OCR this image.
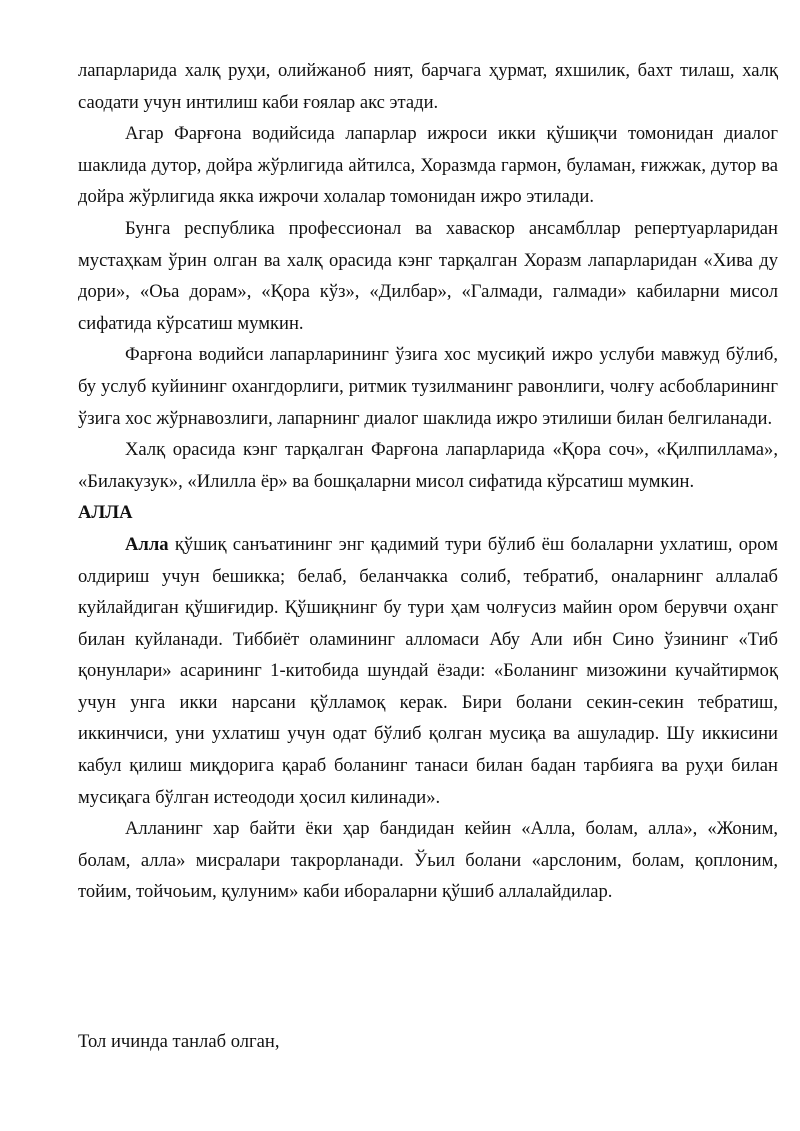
лапарларида халқ руҳи, олийжаноб ният, барчага ҳурмат, яхшилик, бахт тилаш, халқ саодати учун интилиш каби ғоялар акс этади.

Агар Фарғона водийсида лапарлар ижроси икки қўшиқчи томонидан диалог шаклида дутор, дойра жўрлигида айтилса, Хоразмда гармон, буламан, ғижжак, дутор ва дойра жўрлигида якка ижрочи холалар томонидан ижро этилади.

Бунга республика профессионал ва хаваскор ансамбллар репертуарларидан мустаҳкам ўрин олган ва халқ орасида кэнг тарқалган Хоразм лапарларидан «Хива ду дори», «Оьа дорам», «Қора кўз», «Дилбар», «Галмади, галмади» кабиларни мисол сифатида кўрсатиш мумкин.

Фарғона водийси лапарларининг ўзига хос мусиқий ижро услуби мавжуд бўлиб, бу услуб куйининг охангдорлиги, ритмик тузилманинг равонлиги, чолғу асбобларининг ўзига хос жўрнавозлиги, лапарнинг диалог шаклида ижро этилиши билан белгиланади.

Халқ орасида кэнг тарқалган Фарғона лапарларида «Қора соч», «Қилпиллама», «Билакузук», «Илилла ёр» ва бошқаларни мисол сифатида кўрсатиш мумкин.

АЛЛА

Алла қўшиқ санъатининг энг қадимий тури бўлиб ёш болаларни ухлатиш, ором олдириш учун бешикка; белаб, беланчакка солиб, тебратиб, оналарнинг аллалаб куйлайдиган қўшиғидир. Қўшиқнинг бу тури ҳам чолғусиз майин ором берувчи оҳанг билан куйланади. Тиббиёт оламининг алломаси Абу Али ибн Сино ўзининг «Тиб қонунлари» асарининг 1-китобида шундай ёзади: «Боланинг мизожини кучайтирмоқ учун унга икки нарсани қўлламоқ керак. Бири болани секин-секин тебратиш, иккинчиси, уни ухлатиш учун одат бўлиб қолган мусиқа ва ашуладир. Шу иккисини кабул қилиш миқдорига қараб боланинг танаси билан бадан тарбияга ва руҳи билан мусиқага бўлган истеододи ҳосил килинади».

Алланинг хар байти ёки ҳар бандидан кейин «Алла, болам, алла», «Жоним, болам, алла» мисралари такрорланади. Ўьил болани «арслоним, болам, қоплоним, тойим, тойчоьим, қулуним» каби ибораларни қўшиб аллалайдилар.

Тол ичинда танлаб олган,
